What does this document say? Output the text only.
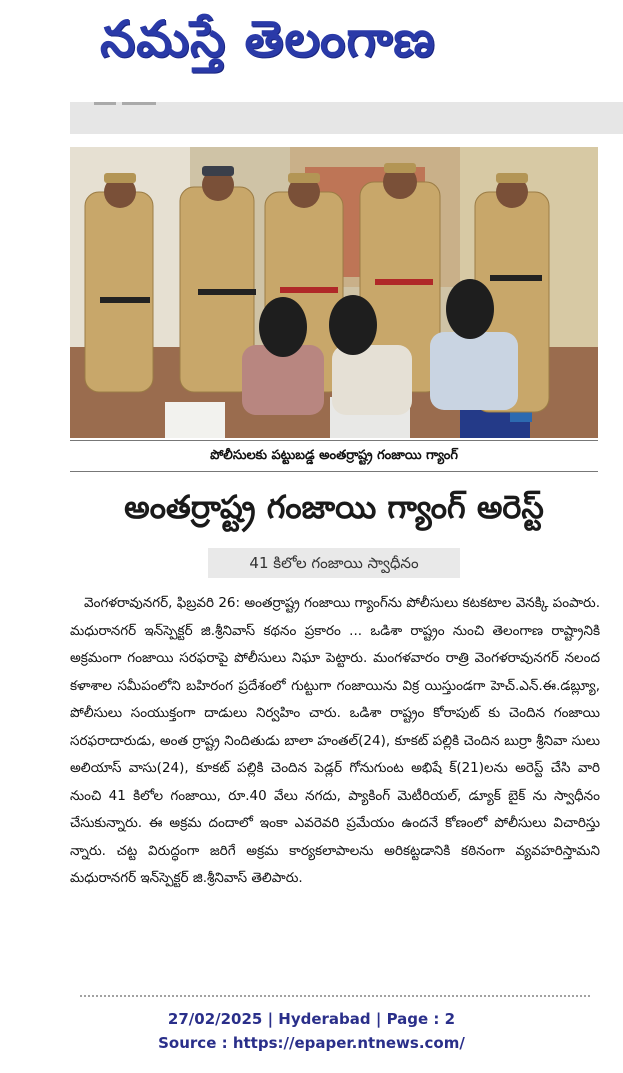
నమస్తే తెలంగాణ
పోలీసులకు పట్టుబడ్డ అంతర్రాష్ట్ర గంజాయి గ్యాంగ్
అంతర్రాష్ట్ర గంజాయి గ్యాంగ్ అరెస్ట్
41 కిలోల గంజాయి స్వాధీనం

వెంగళరావునగర్, ఫిబ్రవరి 26: అంతర్రాష్ట్ర గంజాయి గ్యాంగ్‌ను పోలీసులు కటకటాల వెనక్కి పంపారు. మధురానగర్ ఇన్‌స్పెక్టర్ జి.శ్రీనివాస్ కథనం ప్రకారం ... ఒడిశా రాష్ట్రం నుంచి తెలంగాణ రాష్ట్రానికి అక్రమంగా గంజాయి సరఫరాపై పోలీసులు నిఘా పెట్టారు. మంగళవారం రాత్రి వెంగళరావునగర్ నలంద కళాశాల సమీపంలోని బహిరంగ ప్రదేశంలో గుట్టుగా గంజాయిను విక్ర యిస్తుండగా హెచ్.ఎన్.ఈ.డబ్ల్యూ, పోలీసులు సంయుక్తంగా దాడులు నిర్వహిం చారు. ఒడిశా రాష్ట్రం కోరాపుట్ కు చెందిన గంజాయి సరఫరాదారుడు, అంత ర్రాష్ట్ర నిందితుడు బాలా హంతల్(24), కూకట్ పల్లికి చెందిన బుర్రా శ్రీనివా సులు అలియాస్ వాసు(24), కూకట్ పల్లికి చెందిన పెడ్లర్ గోనుగుంట అభిషే క్(21)లను అరెస్ట్ చేసి వారి నుంచి 41 కిలోల గంజాయి, రూ.40 వేలు నగదు, ప్యాకింగ్ మెటీరియల్, డ్యూక్ బైక్ ను స్వాధీనం చేసుకున్నారు. ఈ అక్రమ దందాలో ఇంకా ఎవరెవరి ప్రమేయం ఉందనే కోణంలో పోలీసులు విచారిస్తు న్నారు. చట్ట విరుద్ధంగా జరిగే అక్రమ కార్యకలాపాలను అరికట్టడానికి కఠినంగా వ్యవహరిస్తామని మధురానగర్ ఇన్‌స్పెక్టర్ జి.శ్రీనివాస్ తెలిపారు.

27/02/2025 | Hyderabad | Page : 2
Source : https://epaper.ntnews.com/
